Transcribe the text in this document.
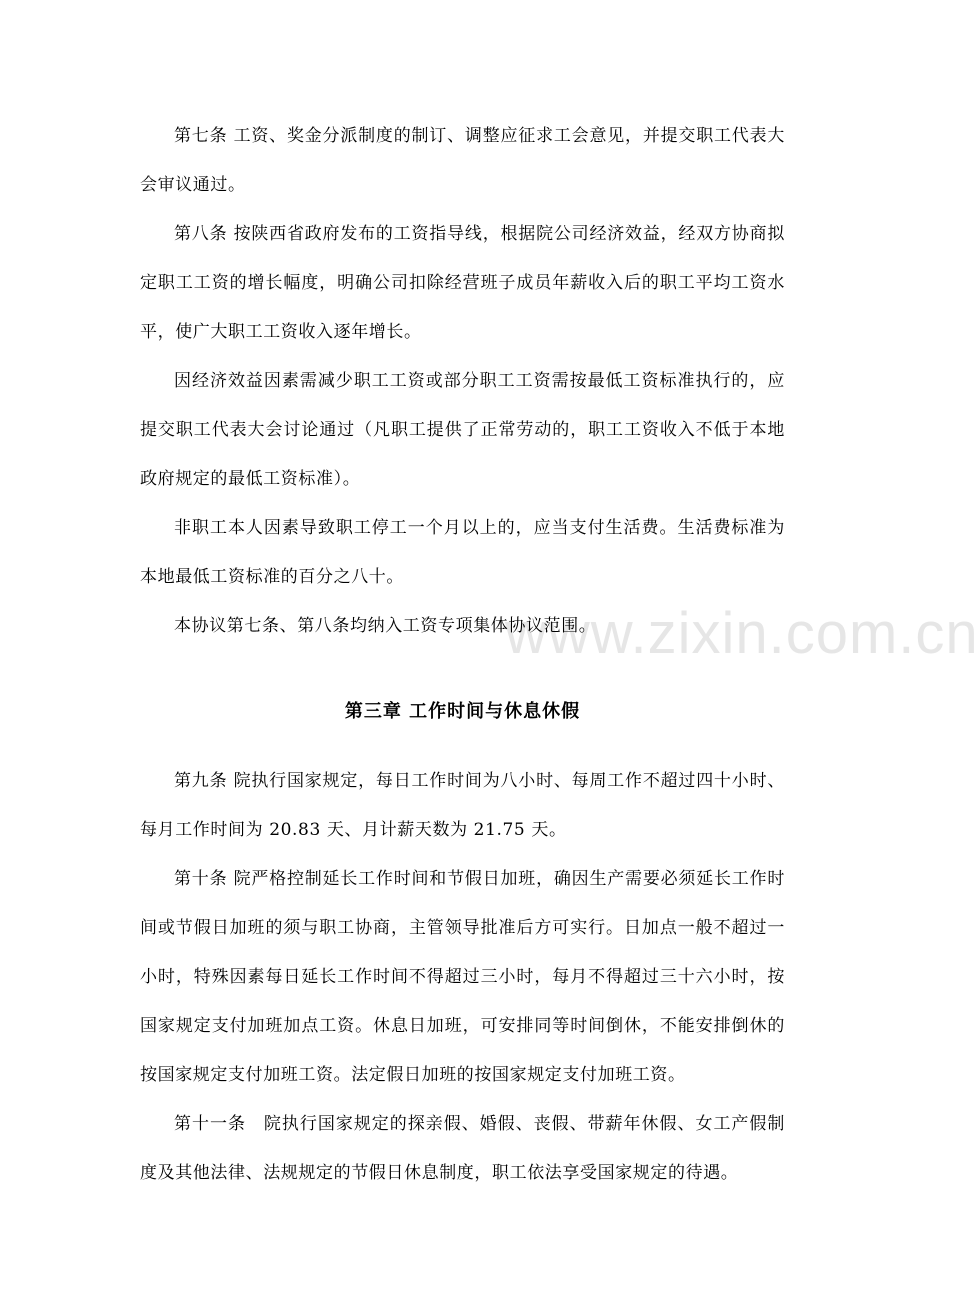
www.zixin.com.cn

第七条 工资、奖金分派制度的制订、调整应征求工会意见，并提交职工代表大会审议通过。

第八条 按陕西省政府发布的工资指导线，根据院公司经济效益，经双方协商拟定职工工资的增长幅度，明确公司扣除经营班子成员年薪收入后的职工平均工资水平，使广大职工工资收入逐年增长。

因经济效益因素需减少职工工资或部分职工工资需按最低工资标准执行的，应提交职工代表大会讨论通过（凡职工提供了正常劳动的，职工工资收入不低于本地政府规定的最低工资标准）。

非职工本人因素导致职工停工一个月以上的，应当支付生活费。生活费标准为本地最低工资标准的百分之八十。

本协议第七条、第八条均纳入工资专项集体协议范围。

第三章 工作时间与休息休假

第九条 院执行国家规定，每日工作时间为八小时、每周工作不超过四十小时、每月工作时间为 20.83 天、月计薪天数为 21.75 天。

第十条 院严格控制延长工作时间和节假日加班，确因生产需要必须延长工作时间或节假日加班的须与职工协商，主管领导批准后方可实行。日加点一般不超过一小时，特殊因素每日延长工作时间不得超过三小时，每月不得超过三十六小时，按国家规定支付加班加点工资。休息日加班，可安排同等时间倒休，不能安排倒休的按国家规定支付加班工资。法定假日加班的按国家规定支付加班工资。

第十一条　院执行国家规定的探亲假、婚假、丧假、带薪年休假、女工产假制度及其他法律、法规规定的节假日休息制度，职工依法享受国家规定的待遇。
